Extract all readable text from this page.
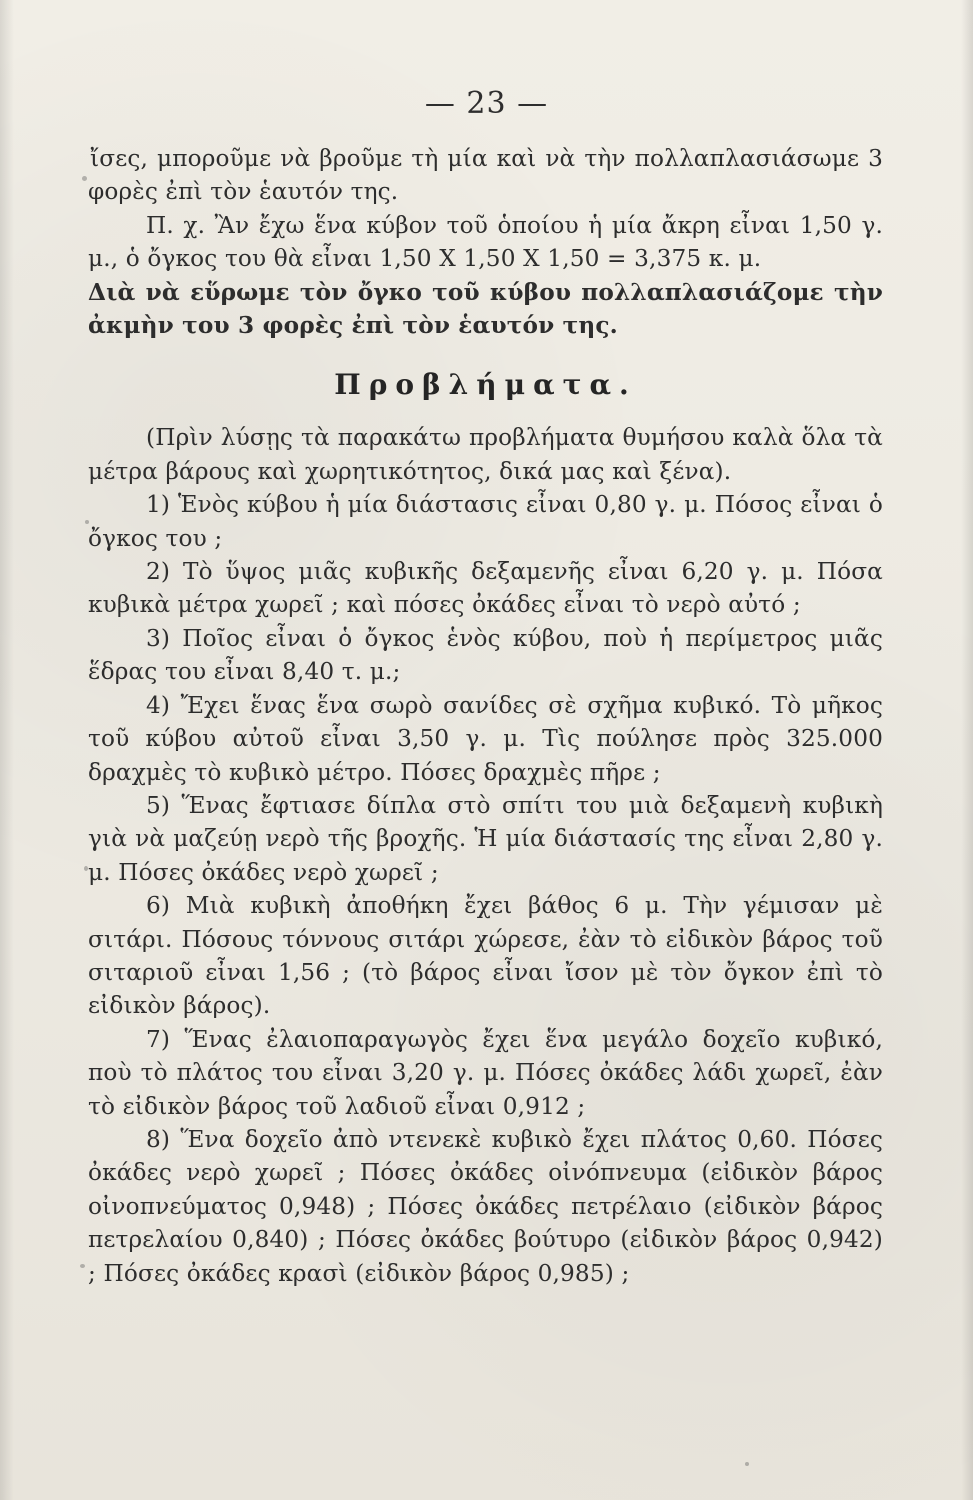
— 23 —

ἴσες, μποροῦμε νὰ βροῦμε τὴ μία καὶ νὰ τὴν πολλαπλασιάσωμε 3 φορὲς ἐπὶ τὸν ἑαυτόν της.

Π. χ. Ἂν ἔχω ἕνα κύβον τοῦ ὁποίου ἡ μία ἄκρη εἶναι 1,50 γ. μ., ὁ ὄγκος του θὰ εἶναι 1,50 Χ 1,50 Χ 1,50 = 3,375 κ. μ.

Διὰ νὰ εὕρωμε τὸν ὄγκο τοῦ κύβου πολλαπλασιάζομε τὴν ἀκμὴν του 3 φορὲς ἐπὶ τὸν ἑαυτόν της.

Προβλήματα.

(Πρὶν λύσῃς τὰ παρακάτω προβλήματα θυμήσου καλὰ ὅλα τὰ μέτρα βάρους καὶ χωρητικότητος, δικά μας καὶ ξένα).

1) Ἑνὸς κύβου ἡ μία διάστασις εἶναι 0,80 γ. μ. Πόσος εἶναι ὁ ὄγκος του ;

2) Τὸ ὕψος μιᾶς κυβικῆς δεξαμενῆς εἶναι 6,20 γ. μ. Πόσα κυβικὰ μέτρα χωρεῖ ; καὶ πόσες ὀκάδες εἶναι τὸ νερὸ αὐτό ;

3) Ποῖος εἶναι ὁ ὄγκος ἑνὸς κύβου, ποὺ ἡ περίμετρος μιᾶς ἕδρας του εἶναι 8,40 τ. μ.;

4) Ἔχει ἕνας ἕνα σωρὸ σανίδες σὲ σχῆμα κυβικό. Τὸ μῆκος τοῦ κύβου αὐτοῦ εἶναι 3,50 γ. μ. Τὶς πούλησε πρὸς 325.000 δραχμὲς τὸ κυβικὸ μέτρο. Πόσες δραχμὲς πῆρε ;

5) Ἕνας ἔφτιασε δίπλα στὸ σπίτι του μιὰ δεξαμενὴ κυβικὴ γιὰ νὰ μαζεύῃ νερὸ τῆς βροχῆς. Ἡ μία διάστασίς της εἶναι 2,80 γ. μ. Πόσες ὀκάδες νερὸ χωρεῖ ;

6) Μιὰ κυβικὴ ἀποθήκη ἔχει βάθος 6 μ. Τὴν γέμισαν μὲ σιτάρι. Πόσους τόννους σιτάρι χώρεσε, ἐὰν τὸ εἰδικὸν βάρος τοῦ σιταριοῦ εἶναι 1,56 ; (τὸ βάρος εἶναι ἴσον μὲ τὸν ὄγκον ἐπὶ τὸ εἰδικὸν βάρος).

7) Ἕνας ἐλαιοπαραγωγὸς ἔχει ἕνα μεγάλο δοχεῖο κυβικό, ποὺ τὸ πλάτος του εἶναι 3,20 γ. μ. Πόσες ὀκάδες λάδι χωρεῖ, ἐὰν τὸ εἰδικὸν βάρος τοῦ λαδιοῦ εἶναι 0,912 ;

8) Ἕνα δοχεῖο ἀπὸ ντενεκὲ κυβικὸ ἔχει πλάτος 0,60. Πόσες ὀκάδες νερὸ χωρεῖ ; Πόσες ὀκάδες οἰνόπνευμα (εἰδικὸν βάρος οἰνοπνεύματος 0,948) ; Πόσες ὀκάδες πετρέλαιο (εἰδικὸν βάρος πετρελαίου 0,840) ; Πόσες ὀκάδες βούτυρο (εἰδικὸν βάρος 0,942) ; Πόσες ὀκάδες κρασὶ (εἰδικὸν βάρος 0,985) ;
